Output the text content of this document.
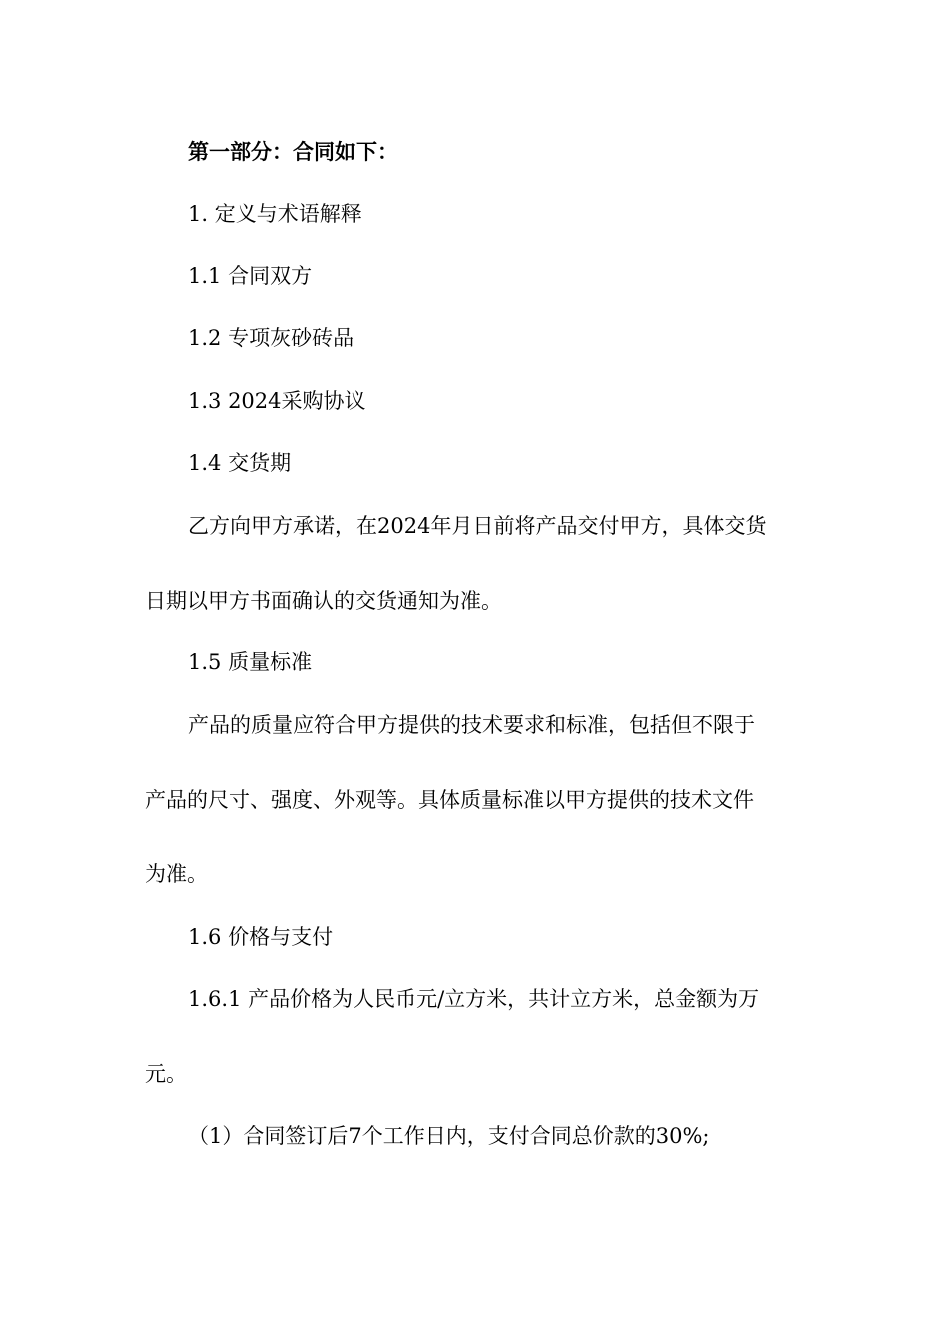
第一部分：合同如下：
1. 定义与术语解释
1.1 合同双方
1.2 专项灰砂砖品
1.3 2024采购协议
1.4 交货期
乙方向甲方承诺，在2024年月日前将产品交付甲方，具体交货
日期以甲方书面确认的交货通知为准。
1.5 质量标准
产品的质量应符合甲方提供的技术要求和标准，包括但不限于
产品的尺寸、强度、外观等。具体质量标准以甲方提供的技术文件
为准。
1.6 价格与支付
1.6.1 产品价格为人民币元/立方米，共计立方米，总金额为万
元。
（1）合同签订后7个工作日内，支付合同总价款的30%;
